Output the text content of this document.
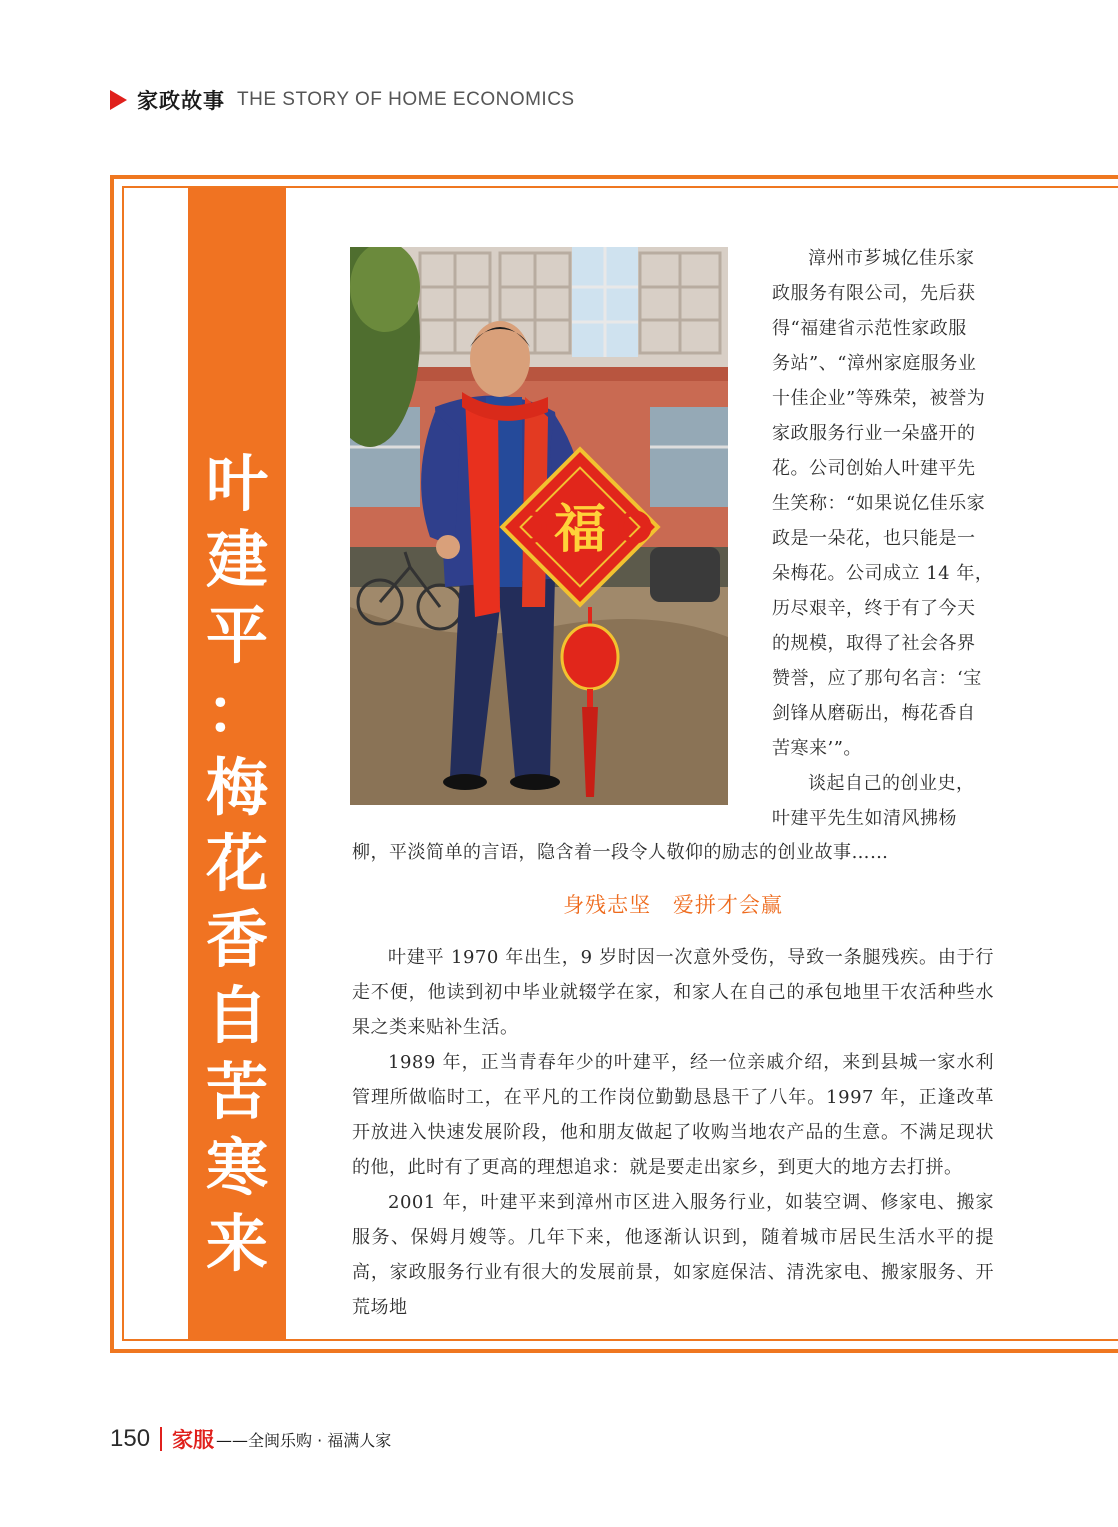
家政故事 THE STORY OF HOME ECONOMICS
叶
建
平
：
梅
花
香
自
苦
寒
来
福

漳州市芗城亿佳乐家

政服务有限公司，先后获

得“福建省示范性家政服

务站”、“漳州家庭服务业

十佳企业”等殊荣，被誉为

家政服务行业一朵盛开的

花。公司创始人叶建平先

生笑称：“如果说亿佳乐家

政是一朵花，也只能是一

朵梅花。公司成立 14 年，

历尽艰辛，终于有了今天

的规模，取得了社会各界

赞誉，应了那句名言：‘宝

剑锋从磨砺出，梅花香自

苦寒来’”。

谈起自己的创业史，

叶建平先生如清风拂杨

柳，平淡简单的言语，隐含着一段令人敬仰的励志的创业故事……

身残志坚 爱拼才会赢

叶建平 1970 年出生，9 岁时因一次意外受伤，导致一条腿残疾。由于行走不便，他读到初中毕业就辍学在家，和家人在自己的承包地里干农活种些水果之类来贴补生活。

1989 年，正当青春年少的叶建平，经一位亲戚介绍，来到县城一家水利管理所做临时工，在平凡的工作岗位勤勤恳恳干了八年。1997 年，正逢改革开放进入快速发展阶段，他和朋友做起了收购当地农产品的生意。不满足现状的他，此时有了更高的理想追求：就是要走出家乡，到更大的地方去打拼。

2001 年，叶建平来到漳州市区进入服务行业，如装空调、修家电、搬家服务、保姆月嫂等。几年下来，他逐渐认识到，随着城市居民生活水平的提高，家政服务行业有很大的发展前景，如家庭保洁、清洗家电、搬家服务、开荒场地

150 家服 ——全闽乐购 · 福满人家
